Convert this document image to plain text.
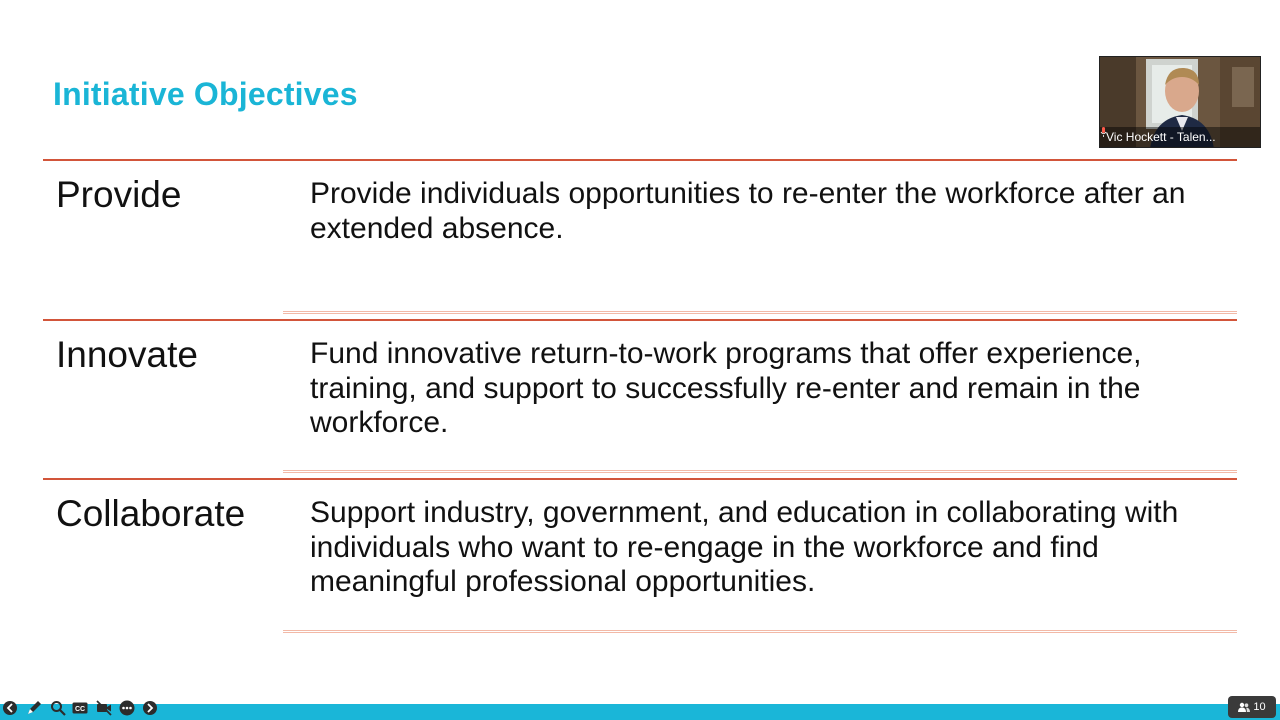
Initiative Objectives
Provide	Provide individuals opportunities to re-enter the workforce after an extended absence.
Innovate	Fund innovative return-to-work programs that offer experience, training, and support to successfully re-enter and remain in the workforce.
Collaborate Support industry, government, and education in collaborating with individuals who want to re-engage in the workforce and find meaningful professional opportunities.
Vic Hockett - Talen...
CC	10
